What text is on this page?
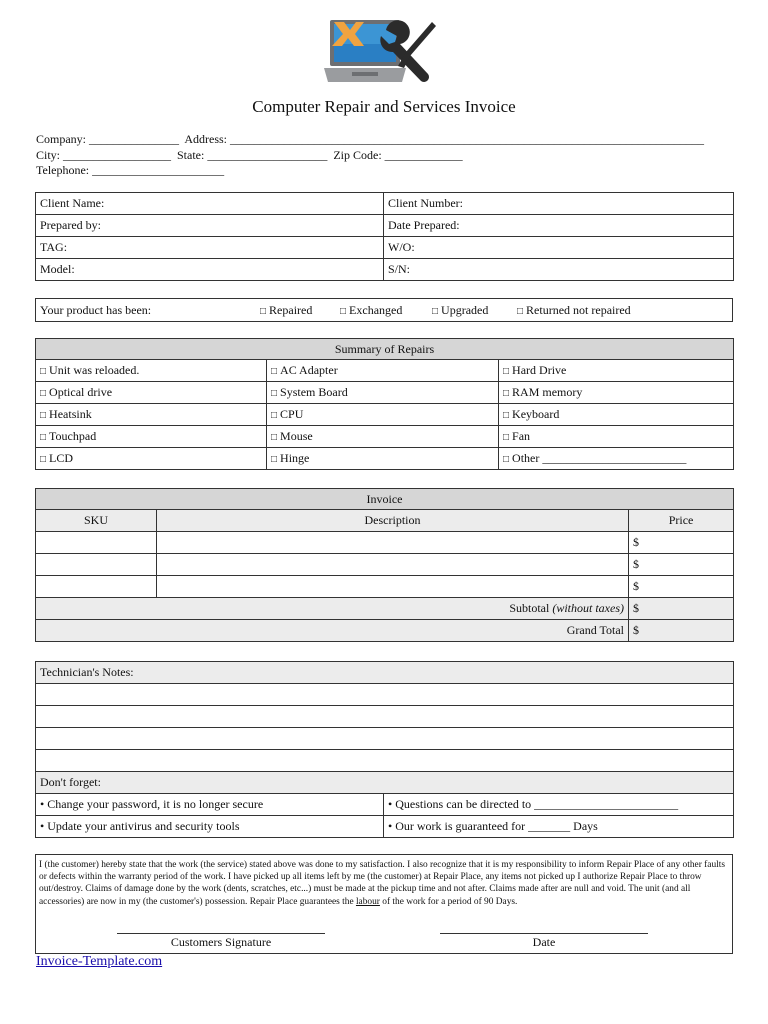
Computer Repair and Services Invoice
Company: _______________  Address: _______________________________________________________________________________
City: __________________  State: ____________________  Zip Code: _____________
Telephone: ______________________
Client Name:	Client Number:
Prepared by:	Date Prepared:
TAG:	W/O:
Model:	S/N:
Your product has been:	□ Repaired	□ Exchanged	□ Upgraded	□ Returned not repaired
Summary of Repairs		
□ Unit was reloaded.	□ AC Adapter	□ Hard Drive
□ Optical drive	□ System Board	□ RAM memory
□ Heatsink	□ CPU	□ Keyboard
□ Touchpad	□ Mouse	□ Fan
□ LCD	□ Hinge	□ Other ________________________
Invoice		
SKU	Description	Price
		$
		$
		$
Subtotal (without taxes)		$
Grand Total		$
Technician's Notes:	

Don't forget:	
• Change your password, it is no longer secure	• Questions can be directed to ________________________
• Update your antivirus and security tools	• Our work is guaranteed for _______ Days
I (the customer) hereby state that the work (the service) stated above was done to my satisfaction. I also recognize that it is my responsibility to inform Repair Place of any other faults or defects within the warranty period of the work. I have picked up all items left by me (the customer) at Repair Place, any items not picked up I authorize Repair Place to throw out/destroy. Claims of damage done by the work (dents, scratches, etc...) must be made at the pickup time and not after. Claims made after are null and void. The unit (and all accessories) are now in my (the customer's) possession. Repair Place guarantees the labour of the work for a period of 90 Days.
Customers Signature	Date
Invoice-Template.com
